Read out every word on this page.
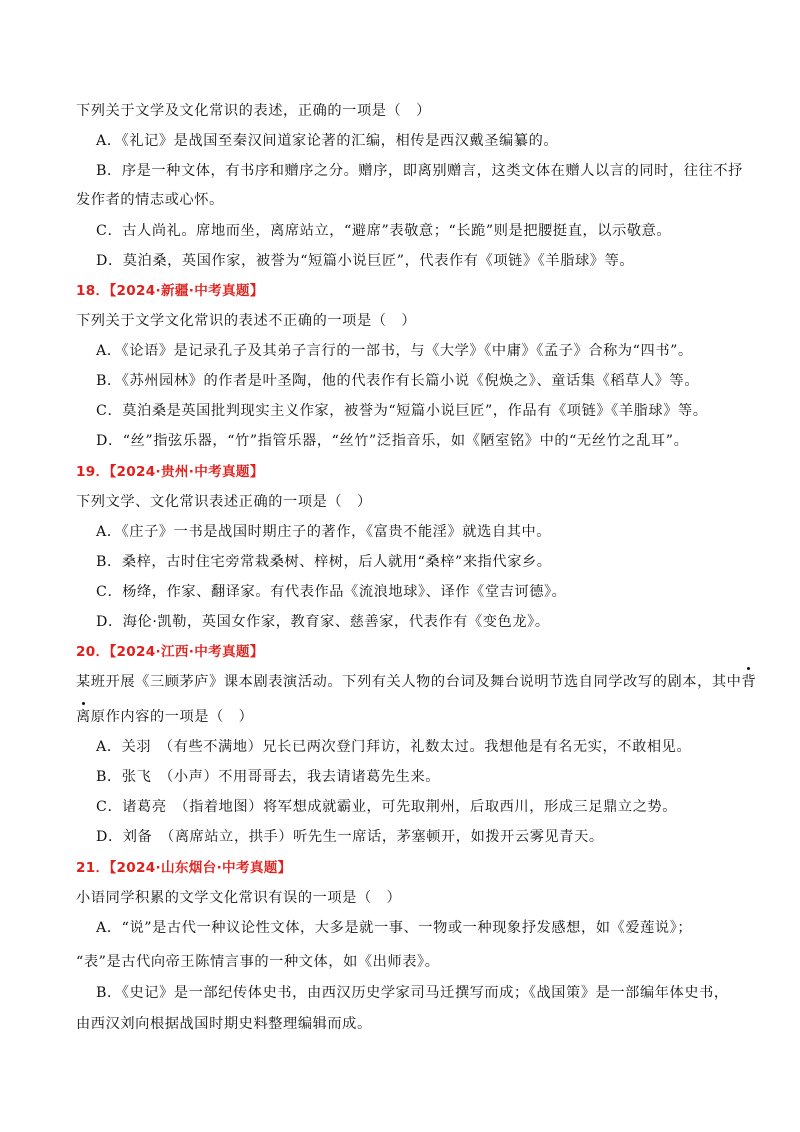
下列关于文学及文化常识的表述，正确的一项是（　）
A．《礼记》是战国至秦汉间道家论著的汇编，相传是西汉戴圣编纂的。
B．序是一种文体，有书序和赠序之分。赠序，即离别赠言，这类文体在赠人以言的同时，往往不抒
发作者的情志或心怀。
C．古人尚礼。席地而坐，离席站立，“避席”表敬意；“长跪”则是把腰挺直，以示敬意。
D．莫泊桑，英国作家，被誉为“短篇小说巨匠”，代表作有《项链》《羊脂球》等。
18．【2024·新疆·中考真题】
下列关于文学文化常识的表述不正确的一项是（　）
A．《论语》是记录孔子及其弟子言行的一部书，与《大学》《中庸》《孟子》合称为“四书”。
B．《苏州园林》的作者是叶圣陶，他的代表作有长篇小说《倪焕之》、童话集《稻草人》等。
C．莫泊桑是英国批判现实主义作家，被誉为“短篇小说巨匠”，作品有《项链》《羊脂球》等。
D．“丝”指弦乐器，“竹”指管乐器，“丝竹”泛指音乐，如《陋室铭》中的“无丝竹之乱耳”。
19．【2024·贵州·中考真题】
下列文学、文化常识表述正确的一项是（　）
A．《庄子》一书是战国时期庄子的著作，《富贵不能淫》就选自其中。
B．桑梓，古时住宅旁常栽桑树、梓树，后人就用“桑梓”来指代家乡。
C．杨绛，作家、翻译家。有代表作品《流浪地球》、译作《堂吉诃德》。
D．海伦·凯勒，英国女作家，教育家、慈善家，代表作有《变色龙》。
20．【2024·江西·中考真题】
某班开展《三顾茅庐》课本剧表演活动。下列有关人物的台词及舞台说明节选自同学改写的剧本，其中背
离原作内容的一项是（　）
A．关羽　（有些不满地）兄长已两次登门拜访，礼数太过。我想他是有名无实，不敢相见。
B．张飞　（小声）不用哥哥去，我去请诸葛先生来。
C．诸葛亮　（指着地图）将军想成就霸业，可先取荆州，后取西川，形成三足鼎立之势。
D．刘备　（离席站立，拱手）听先生一席话，茅塞顿开，如拨开云雾见青天。
21．【2024·山东烟台·中考真题】
小语同学积累的文学文化常识有误的一项是（　）
A．“说”是古代一种议论性文体，大多是就一事、一物或一种现象抒发感想，如《爱莲说》；
“表”是古代向帝王陈情言事的一种文体，如《出师表》。
B．《史记》是一部纪传体史书，由西汉历史学家司马迁撰写而成；《战国策》是一部编年体史书，
由西汉刘向根据战国时期史料整理编辑而成。
